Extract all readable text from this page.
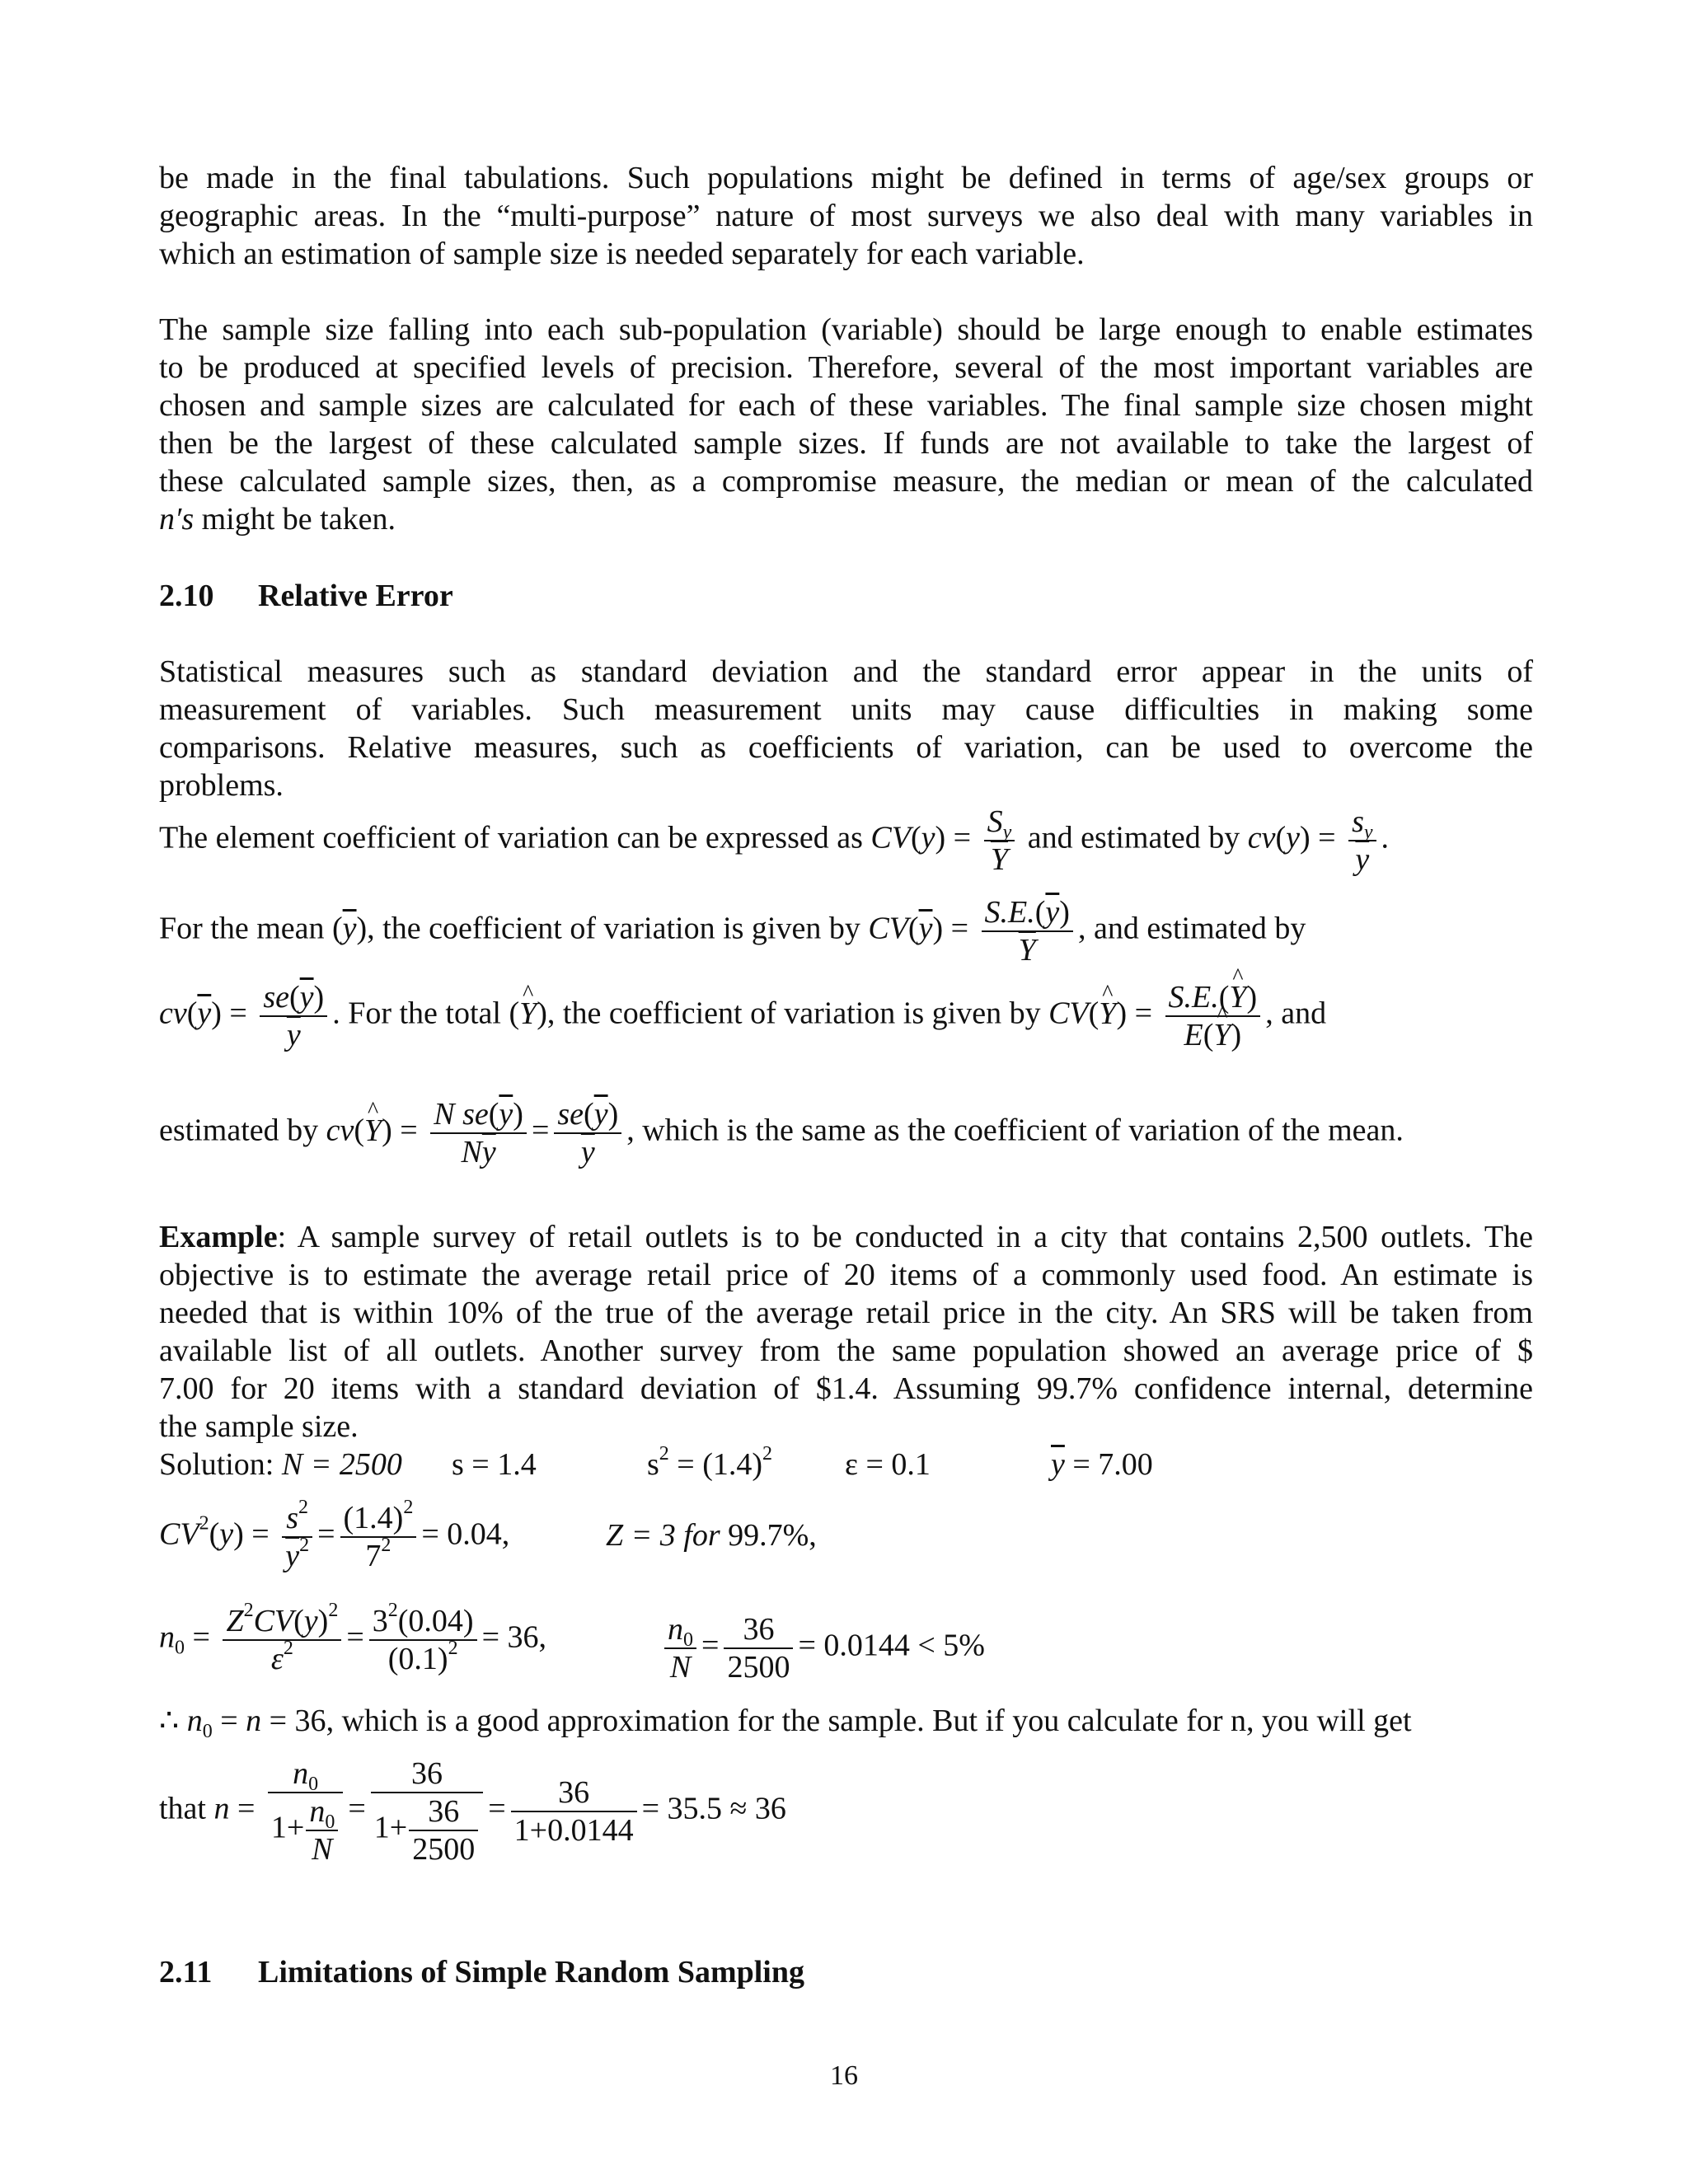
be made in the final tabulations. Such populations might be defined in terms of age/sex groups or
geographic areas. In the “multi-purpose” nature of most surveys we also deal with many variables in
which an estimation of sample size is needed separately for each variable.
The sample size falling into each sub-population (variable) should be large enough to enable estimates
to be produced at specified levels of precision. Therefore, several of the most important variables are
chosen and sample sizes are calculated for each of these variables. The final sample size chosen might
then be the largest of these calculated sample sizes. If funds are not available to take the largest of
these calculated sample sizes, then, as a compromise measure, the median or mean of the calculated
n′s might be taken.
2.10 Relative Error
Statistical measures such as standard deviation and the standard error appear in the units of
measurement of variables. Such measurement units may cause difficulties in making some
comparisons. Relative measures, such as coefficients of variation, can be used to overcome the
problems.
The element coefficient of variation can be expressed as $CV(y) = \frac{S_y}{Y}$ and estimated by $cv(y) = \frac{s_y}{y}$ .
For the mean $(\overline{y})$, the coefficient of variation is given by $CV(\overline{y}) = \frac{S.E.(\overline{y})}{Y}$ , and estimated by
$cv(\overline{y}) = \frac{se(\overline{y})}{y}$ . For the total (^ Y), the coefficient of variation is given by CV(^ $Y) = \frac{S.E.(\^{} Y)}{E(\^{} Y)}$ , and
estimated by cv(^ $Y) = \frac{N se(\overline{y})}{N\overline{y}} = \frac{se(\overline{y})}{y}$ , which is the same as the coefficient of variation of the mean.
Example: A sample survey of retail outlets is to be conducted in a city that contains 2,500 outlets. The
objective is to estimate the average retail price of 20 items of a commonly used food. An estimate is
needed that is within 10% of the true of the average retail price in the city. An SRS will be taken from
available list of all outlets. Another survey from the same population showed an average price of $
7.00 for 20 items with a standard deviation of $1.4. Assuming 99.7% confidence internal, determine
the sample size.
Solution: N = 2500 s = 1.4	$s^2 = (1.4)^2$ ε = 0.1	$\overline{y} = 7.00$
$CV^2(y) = \frac{s^2}{\overline{y}^2} = \frac{(1.4)^2}{7^2} = 0.04$,	Z = 3 for 99.7%,
$n_0 = \frac{Z^2CV(y)^2}{\varepsilon^2} = \frac{3^2(0.04)}{(0.1)^2} = 36$,	$\frac{n_0}{N} = \frac{36}{2500} = 0.0144 < 5\%$
∴ $n_0 = n = 36$, which is a good approximation for the sample. But if you calculate for n, you will get
that $n = \frac{n_0}{1+ \frac{n_0}{N}} = \frac{36}{1+ \frac{36}{2500}} = \frac{36}{1+0.0144} = 35.5 \approx 36$
2.11 Limitations of Simple Random Sampling
16
